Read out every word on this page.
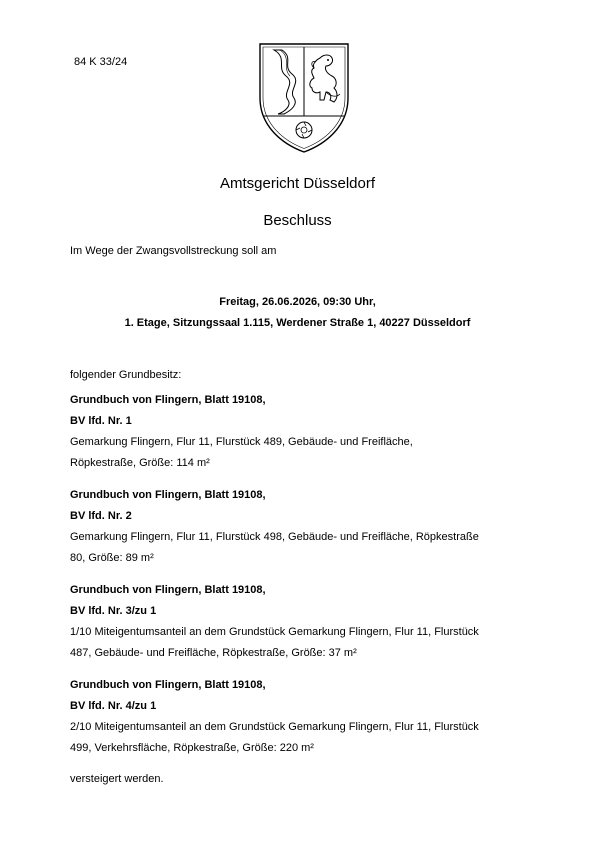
84 K 33/24
Amtsgericht Düsseldorf
Beschluss
Im Wege der Zwangsvollstreckung soll am
Freitag, 26.06.2026, 09:30 Uhr,
1. Etage, Sitzungssaal 1.115, Werdener Straße 1, 40227 Düsseldorf
folgender Grundbesitz:
Grundbuch von Flingern, Blatt 19108,
BV lfd. Nr. 1
Gemarkung Flingern, Flur 11, Flurstück 489, Gebäude- und Freifläche,
Röpkestraße, Größe: 114 m²
Grundbuch von Flingern, Blatt 19108,
BV lfd. Nr. 2
Gemarkung Flingern, Flur 11, Flurstück 498, Gebäude- und Freifläche, Röpkestraße
80, Größe: 89 m²
Grundbuch von Flingern, Blatt 19108,
BV lfd. Nr. 3/zu 1
1/10 Miteigentumsanteil an dem Grundstück Gemarkung Flingern, Flur 11, Flurstück
487, Gebäude- und Freifläche, Röpkestraße, Größe: 37 m²
Grundbuch von Flingern, Blatt 19108,
BV lfd. Nr. 4/zu 1
2/10 Miteigentumsanteil an dem Grundstück Gemarkung Flingern, Flur 11, Flurstück
499, Verkehrsfläche, Röpkestraße, Größe: 220 m²
versteigert werden.
